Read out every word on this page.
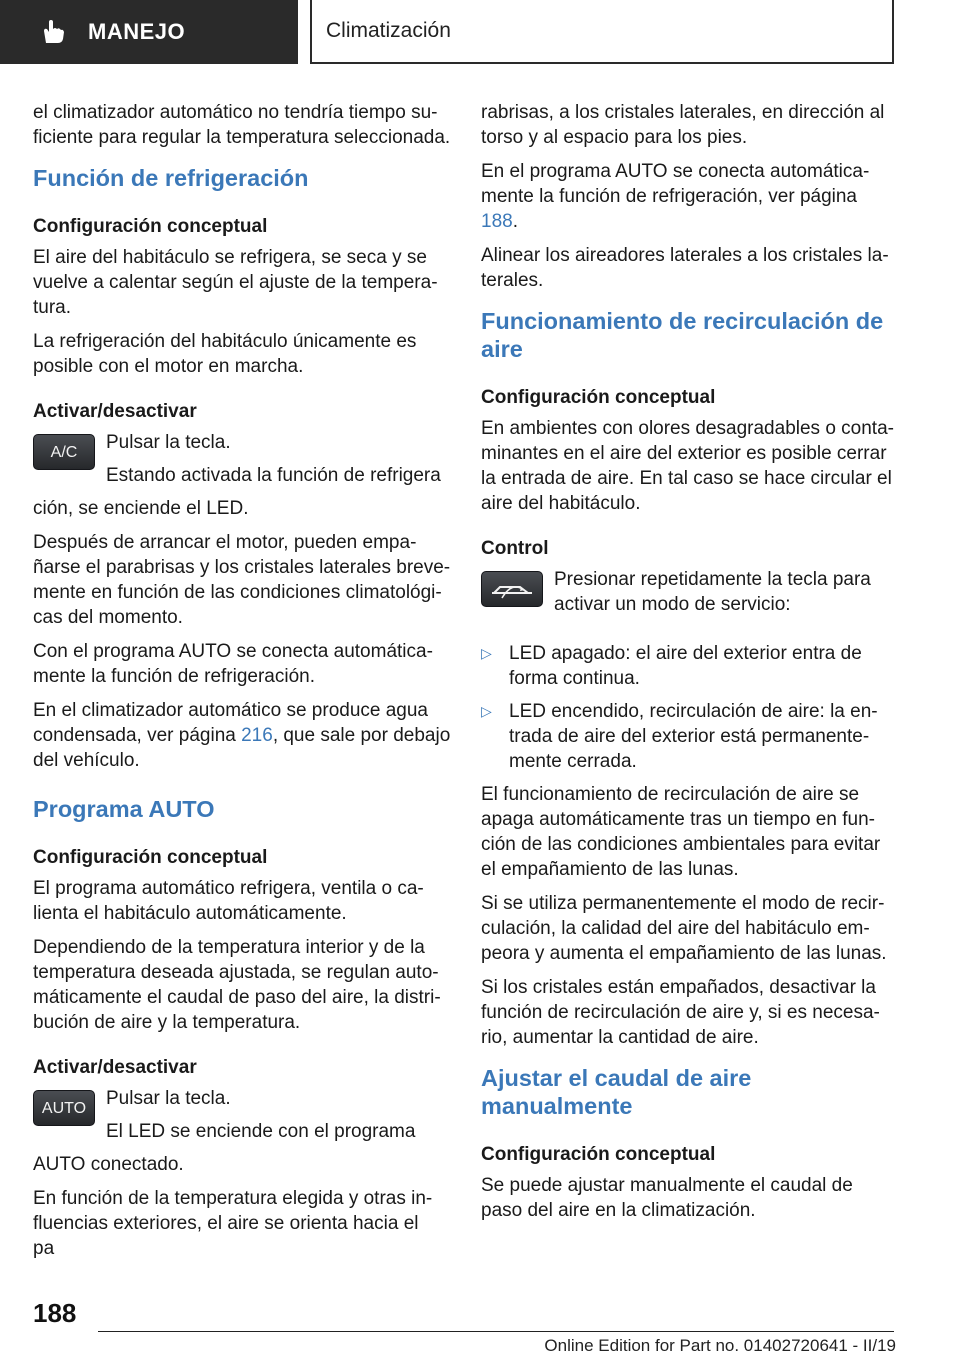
MANEJO	Climatización

el climatizador automático no tendría tiempo suficiente para regular la temperatura seleccionada.

Función de refrigeración
Configuración conceptual

El aire del habitáculo se refrigera, se seca y se vuelve a calentar según el ajuste de la temperatura.

La refrigeración del habitáculo únicamente es posible con el motor en marcha.

Activar/desactivar
A/C Pulsar la tecla.

Estando activada la función de refrigera

ción, se enciende el LED.

Después de arrancar el motor, pueden empañarse el parabrisas y los cristales laterales brevemente en función de las condiciones climatológicas del momento.

Con el programa AUTO se conecta automáticamente la función de refrigeración.

En el climatizador automático se produce agua condensada, ver página 216, que sale por debajo del vehículo.

Programa AUTO
Configuración conceptual

El programa automático refrigera, ventila o calienta el habitáculo automáticamente.

Dependiendo de la temperatura interior y de la temperatura deseada ajustada, se regulan automáticamente el caudal de paso del aire, la distribución de aire y la temperatura.

Activar/desactivar
AUTO Pulsar la tecla.

El LED se enciende con el programa

AUTO conectado.

En función de la temperatura elegida y otras influencias exteriores, el aire se orienta hacia el pa

rabrisas, a los cristales laterales, en dirección al torso y al espacio para los pies.

En el programa AUTO se conecta automáticamente la función de refrigeración, ver página 188.

Alinear los aireadores laterales a los cristales laterales.

Funcionamiento de recirculación de aire
Configuración conceptual

En ambientes con olores desagradables o contaminantes en el aire del exterior es posible cerrar la entrada de aire. En tal caso se hace circular el aire del habitáculo.

Control

Presionar repetidamente la tecla para activar un modo de servicio:

▷ LED apagado: el aire del exterior entra de forma continua.
▷ LED encendido, recirculación de aire: la entrada de aire del exterior está permanentemente cerrada.

El funcionamiento de recirculación de aire se apaga automáticamente tras un tiempo en función de las condiciones ambientales para evitar el empañamiento de las lunas.

Si se utiliza permanentemente el modo de recirculación, la calidad del aire del habitáculo empeora y aumenta el empañamiento de las lunas.

Si los cristales están empañados, desactivar la función de recirculación de aire y, si es necesario, aumentar la cantidad de aire.

Ajustar el caudal de aire manualmente
Configuración conceptual

Se puede ajustar manualmente el caudal de paso del aire en la climatización.

188
Online Edition for Part no. 01402720641 - II/19
